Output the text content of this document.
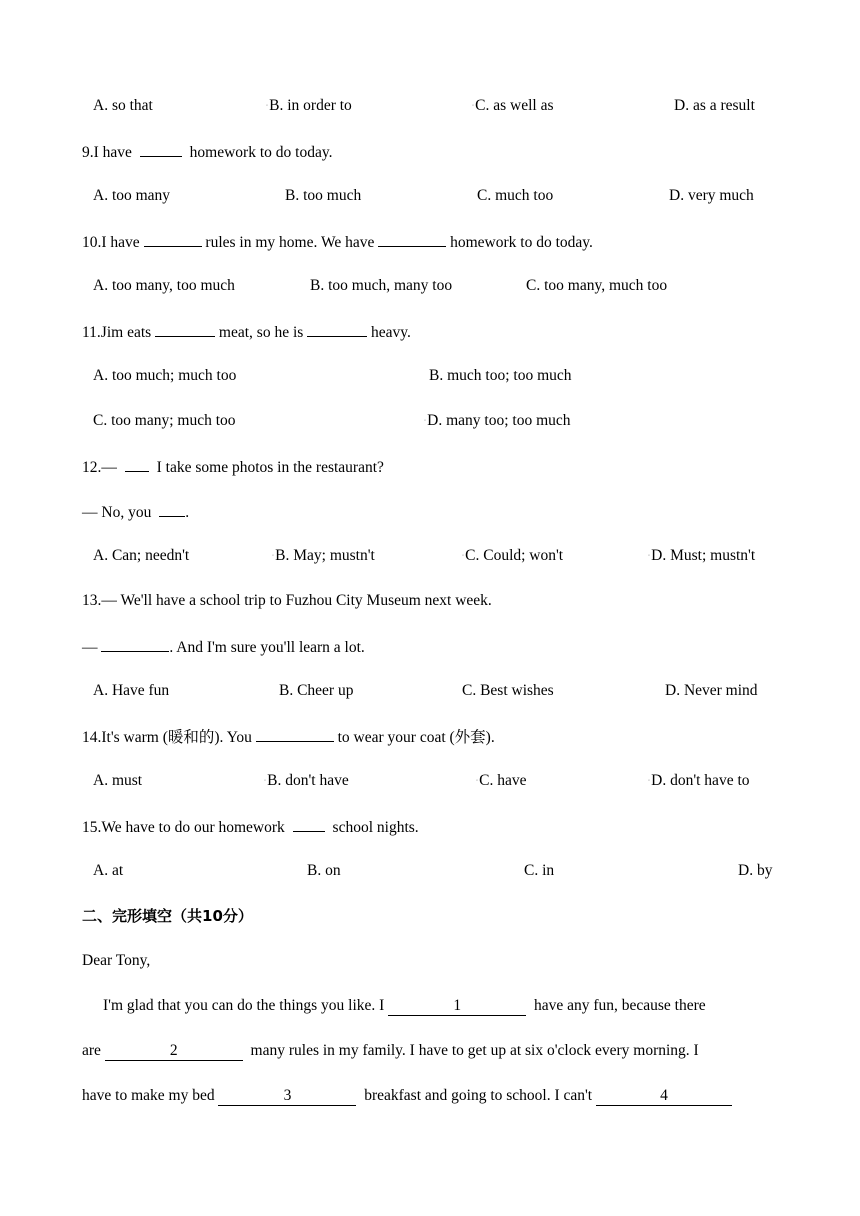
A. so that	◦B. in order to	◦C. as well as	D. as a result
9.I have	homework to do today.
A. too many	B. too much	C. much too	D. very much
10.I have	rules in my home. We have	homework to do today.
A. too many, too much	B. too much, many too	C. too many, much too
11.Jim eats	meat, so he is	heavy.
A. too much; much too	B. much too; too much
C. too many; much too	◦D. many too; too much
12.—	I take some photos in the restaurant?
— No, you .
A. Can; needn't	◦B. May; mustn't	◦C. Could; won't	◦D. Must; mustn't
13.— We'll have a school trip to Fuzhou City Museum next week.
—	. And I'm sure you'll learn a lot.
A. Have fun	B. Cheer up	C. Best wishes	D. Never mind
14.It's warm (暖和的). You	to wear your coat (外套).
A. must	◦B. don't have	◦C. have	◦D. don't have to
15.We have to do our homework	school nights.
A. at	B. on	C. in	D. by
二、完形填空（共10分）
Dear Tony,
I'm glad that you can do the things you like. I	1	have any fun, because there
are	2	many rules in my family. I have to get up at six o'clock every morning. I
have to make my bed	3	breakfast and going to school. I can't	4
